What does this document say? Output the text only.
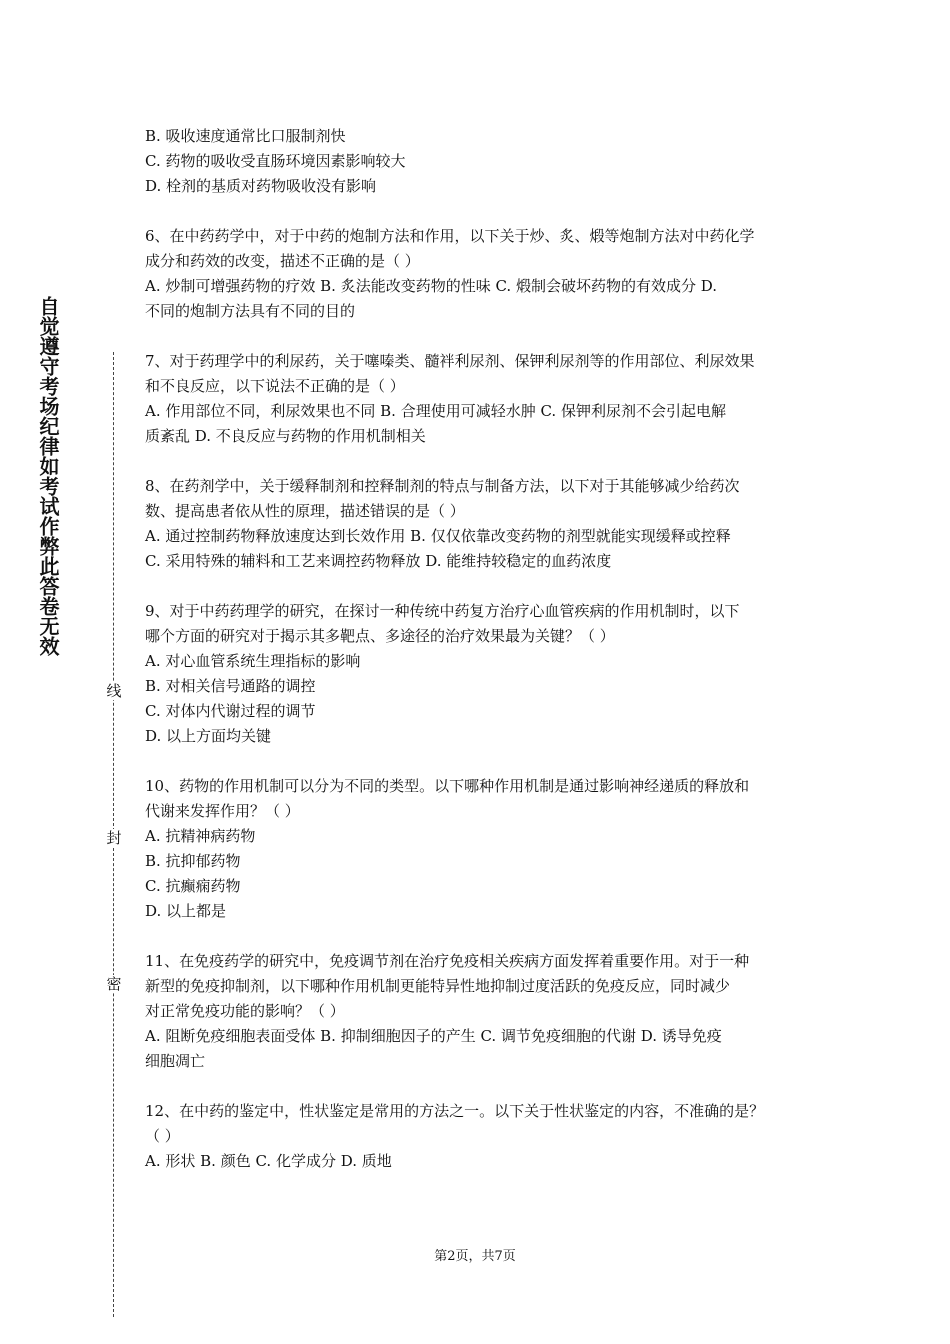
自觉遵守考场纪律如考试作弊此答卷无效
线
封
密

B. 吸收速度通常比口服制剂快

C. 药物的吸收受直肠环境因素影响较大

D. 栓剂的基质对药物吸收没有影响

6、在中药药学中，对于中药的炮制方法和作用，以下关于炒、炙、煅等炮制方法对中药化学

成分和药效的改变，描述不正确的是（ ）

A. 炒制可增强药物的疗效 B. 炙法能改变药物的性味 C. 煅制会破坏药物的有效成分 D.

不同的炮制方法具有不同的目的

7、对于药理学中的利尿药，关于噻嗪类、髓袢利尿剂、保钾利尿剂等的作用部位、利尿效果

和不良反应，以下说法不正确的是（ ）

A. 作用部位不同，利尿效果也不同 B. 合理使用可减轻水肿 C. 保钾利尿剂不会引起电解

质紊乱 D. 不良反应与药物的作用机制相关

8、在药剂学中，关于缓释制剂和控释制剂的特点与制备方法，以下对于其能够减少给药次

数、提高患者依从性的原理，描述错误的是（ ）

A. 通过控制药物释放速度达到长效作用 B. 仅仅依靠改变药物的剂型就能实现缓释或控释

C. 采用特殊的辅料和工艺来调控药物释放 D. 能维持较稳定的血药浓度

9、对于中药药理学的研究，在探讨一种传统中药复方治疗心血管疾病的作用机制时，以下

哪个方面的研究对于揭示其多靶点、多途径的治疗效果最为关键？（ ）

A. 对心血管系统生理指标的影响

B. 对相关信号通路的调控

C. 对体内代谢过程的调节

D. 以上方面均关键

10、药物的作用机制可以分为不同的类型。以下哪种作用机制是通过影响神经递质的释放和

代谢来发挥作用？（ ）

A. 抗精神病药物

B. 抗抑郁药物

C. 抗癫痫药物

D. 以上都是

11、在免疫药学的研究中，免疫调节剂在治疗免疫相关疾病方面发挥着重要作用。对于一种

新型的免疫抑制剂，以下哪种作用机制更能特异性地抑制过度活跃的免疫反应，同时减少

对正常免疫功能的影响？（ ）

A. 阻断免疫细胞表面受体 B. 抑制细胞因子的产生 C. 调节免疫细胞的代谢 D. 诱导免疫

细胞凋亡

12、在中药的鉴定中，性状鉴定是常用的方法之一。以下关于性状鉴定的内容，不准确的是？

（ ）

A. 形状 B. 颜色 C. 化学成分 D. 质地

第2页，共7页
